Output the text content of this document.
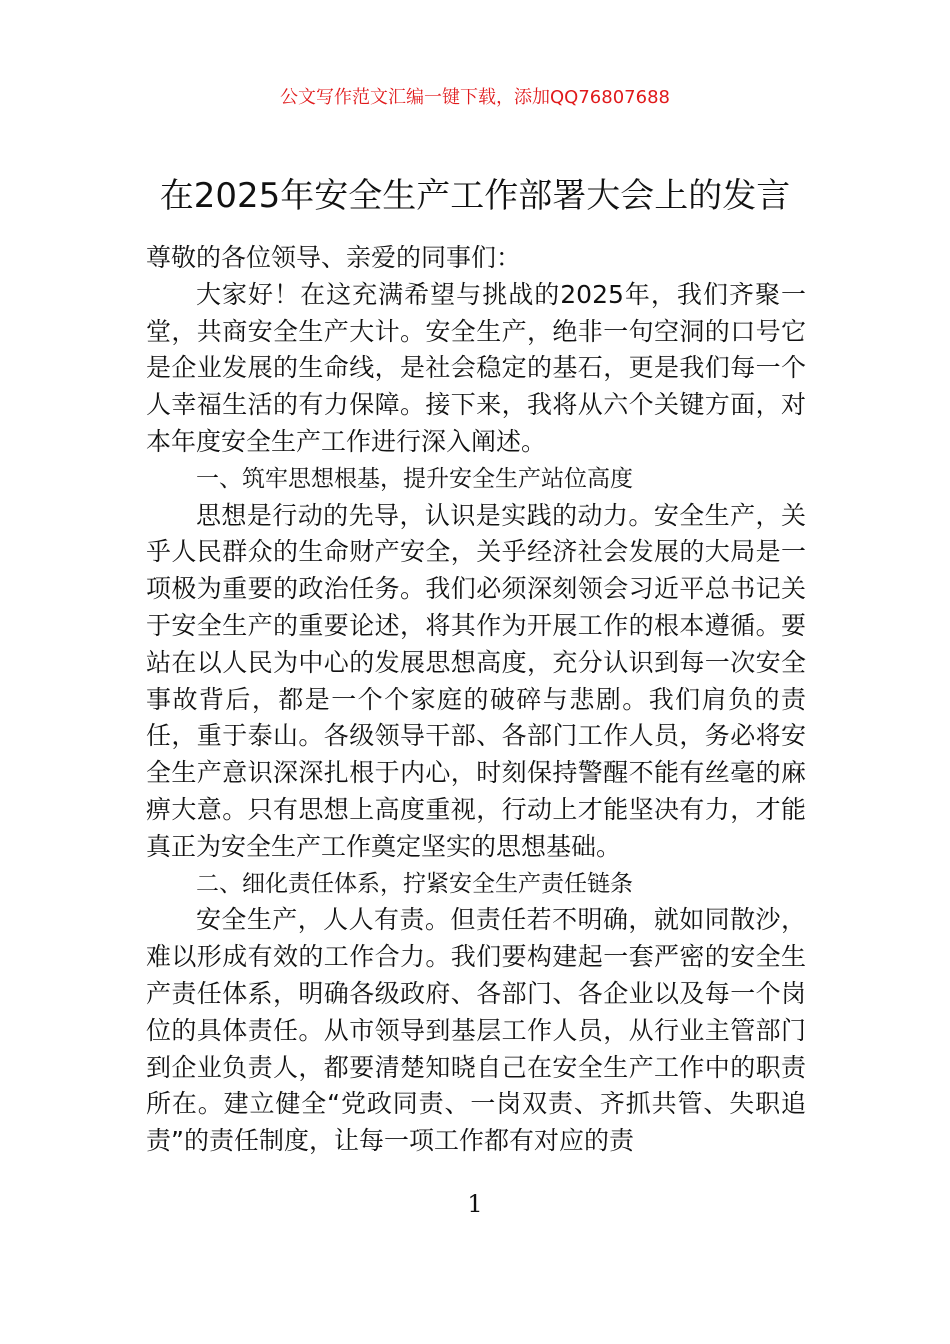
公文写作范文汇编一键下载，添加QQ76807688
在2025年安全生产工作部署大会上的发言

尊敬的各位领导、亲爱的同事们：

大家好！在这充满希望与挑战的2025年，我们齐聚一堂，共商安全生产大计。安全生产，绝非一句空洞的口号它是企业发展的生命线，是社会稳定的基石，更是我们每一个人幸福生活的有力保障。接下来，我将从六个关键方面，对本年度安全生产工作进行深入阐述。

一、筑牢思想根基，提升安全生产站位高度

思想是行动的先导，认识是实践的动力。安全生产，关乎人民群众的生命财产安全，关乎经济社会发展的大局是一项极为重要的政治任务。我们必须深刻领会习近平总书记关于安全生产的重要论述，将其作为开展工作的根本遵循。要站在以人民为中心的发展思想高度，充分认识到每一次安全事故背后，都是一个个家庭的破碎与悲剧。我们肩负的责任，重于泰山。各级领导干部、各部门工作人员，务必将安全生产意识深深扎根于内心，时刻保持警醒不能有丝毫的麻痹大意。只有思想上高度重视，行动上才能坚决有力，才能真正为安全生产工作奠定坚实的思想基础。

二、细化责任体系，拧紧安全生产责任链条

安全生产，人人有责。但责任若不明确，就如同散沙，难以形成有效的工作合力。我们要构建起一套严密的安全生产责任体系，明确各级政府、各部门、各企业以及每一个岗位的具体责任。从市领导到基层工作人员，从行业主管部门到企业负责人，都要清楚知晓自己在安全生产工作中的职责所在。建立健全“党政同责、一岗双责、齐抓共管、失职追责”的责任制度，让每一项工作都有对应的责

1
